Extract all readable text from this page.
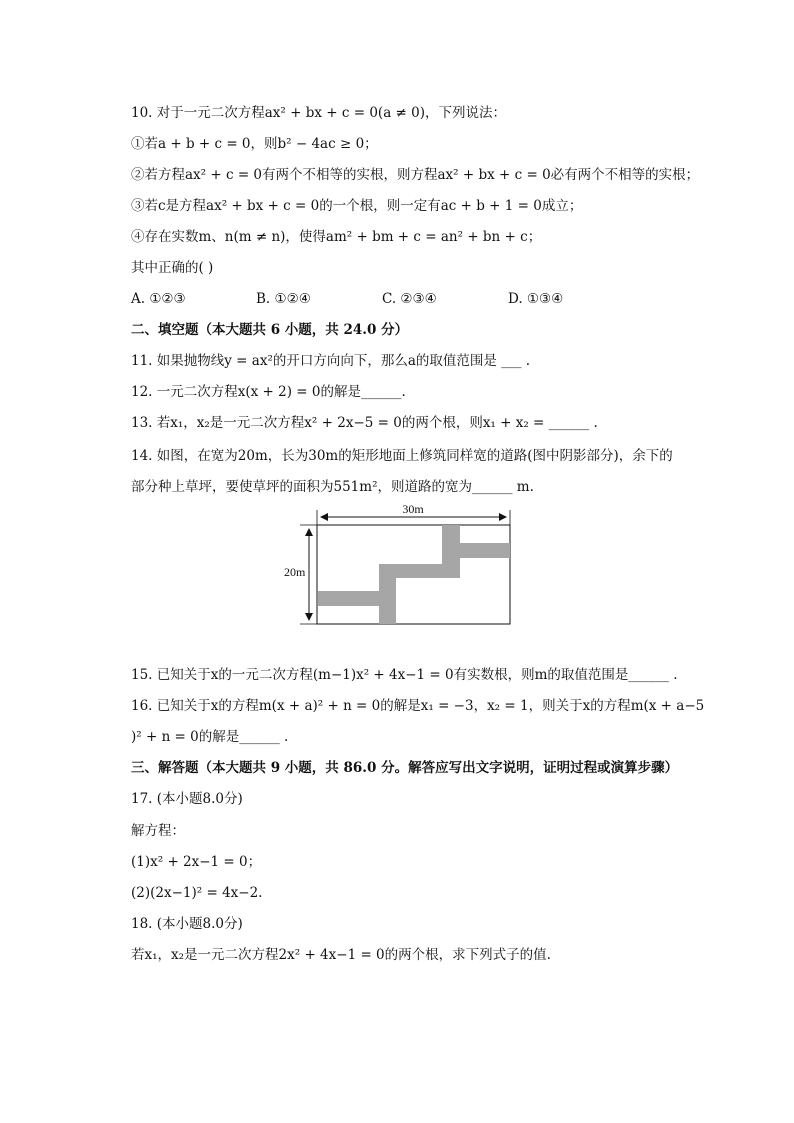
10. 对于一元二次方程ax² + bx + c = 0(a ≠ 0)，下列说法：
①若a + b + c = 0，则b² − 4ac ≥ 0；
②若方程ax² + c = 0有两个不相等的实根，则方程ax² + bx + c = 0必有两个不相等的实根；
③若c是方程ax² + bx + c = 0的一个根，则一定有ac + b + 1 = 0成立；
④存在实数m、n(m ≠ n)，使得am² + bm + c = an² + bn + c；
其中正确的( )
A. ①②③	B. ①②④	C. ②③④	D. ①③④
二、填空题（本大题共 6 小题，共 24.0 分）
11. 如果抛物线y = ax²的开口方向向下，那么a的取值范围是 ___ .
12. 一元二次方程x(x + 2) = 0的解是______.
13. 若x₁，x₂是一元二次方程x² + 2x−5 = 0的两个根，则x₁ + x₂ = ______ .
14. 如图，在宽为20m，长为30m的矩形地面上修筑同样宽的道路(图中阴影部分)，余下的
部分种上草坪，要使草坪的面积为551m²，则道路的宽为______ m.
30m
20m
15. 已知关于x的一元二次方程(m−1)x² + 4x−1 = 0有实数根，则m的取值范围是______ .
16. 已知关于x的方程m(x + a)² + n = 0的解是x₁ = −3，x₂ = 1，则关于x的方程m(x + a−5
)² + n = 0的解是______ .
三、解答题（本大题共 9 小题，共 86.0 分。解答应写出文字说明，证明过程或演算步骤）
17. (本小题8.0分)
解方程：
(1)x² + 2x−1 = 0；
(2)(2x−1)² = 4x−2.
18. (本小题8.0分)
若x₁，x₂是一元二次方程2x² + 4x−1 = 0的两个根，求下列式子的值.
